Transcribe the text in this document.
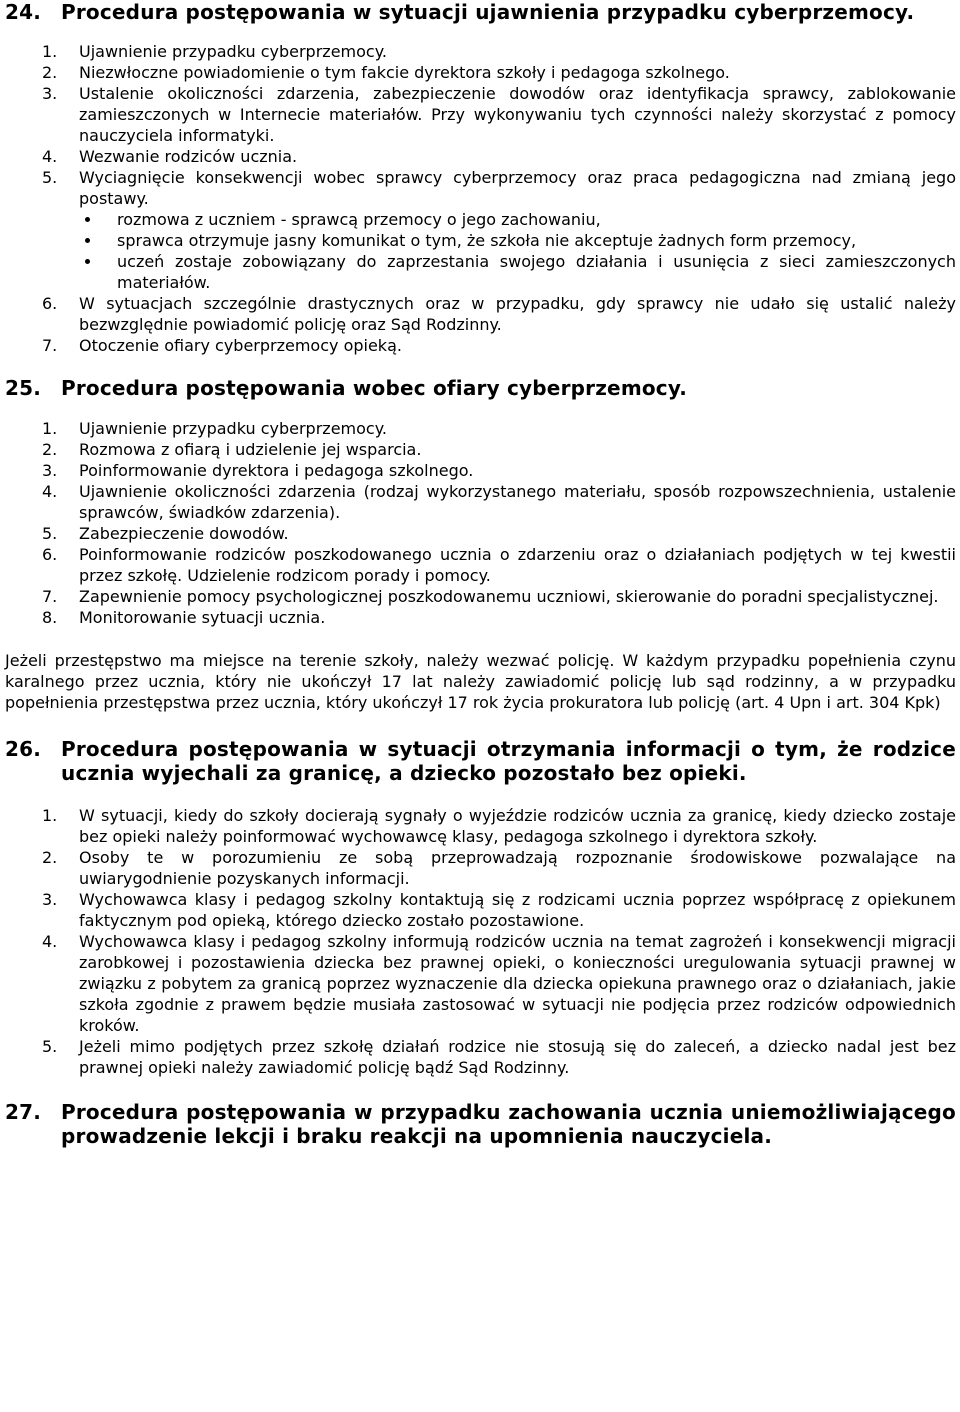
24. Procedura postępowania w sytuacji ujawnienia przypadku cyberprzemocy.
1.	Ujawnienie przypadku cyberprzemocy.
2.	Niezwłoczne powiadomienie o tym fakcie dyrektora szkoły i pedagoga szkolnego.
3.	Ustalenie okoliczności zdarzenia, zabezpieczenie dowodów oraz identyfikacja sprawcy, zablokowanie zamieszczonych w Internecie materiałów. Przy wykonywaniu tych czynności należy skorzystać z pomocy nauczyciela informatyki.
4.	Wezwanie rodziców ucznia.
5.	Wyciagnięcie konsekwencji wobec sprawcy cyberprzemocy oraz praca pedagogiczna nad zmianą jego postawy.
rozmowa z uczniem - sprawcą przemocy o jego zachowaniu,
sprawca otrzymuje jasny komunikat o tym, że szkoła nie akceptuje żadnych form przemocy,
uczeń zostaje zobowiązany do zaprzestania swojego działania i usunięcia z sieci zamieszczonych materiałów.
6.	W sytuacjach szczególnie drastycznych oraz w przypadku, gdy sprawcy nie udało się ustalić należy bezwzględnie powiadomić policję oraz Sąd Rodzinny.
7.	Otoczenie ofiary cyberprzemocy opieką.
25. Procedura postępowania wobec ofiary cyberprzemocy.
1.	Ujawnienie przypadku cyberprzemocy.
2.	Rozmowa z ofiarą i udzielenie jej wsparcia.
3.	Poinformowanie dyrektora i pedagoga szkolnego.
4.	Ujawnienie okoliczności zdarzenia (rodzaj wykorzystanego materiału, sposób rozpowszechnienia, ustalenie sprawców, świadków zdarzenia).
5.	Zabezpieczenie dowodów.
6.	Poinformowanie rodziców poszkodowanego ucznia o zdarzeniu oraz o działaniach podjętych w tej kwestii przez szkołę. Udzielenie rodzicom porady i pomocy.
7.	Zapewnienie pomocy psychologicznej poszkodowanemu uczniowi, skierowanie do poradni specjalistycznej.
8.	Monitorowanie sytuacji ucznia.

Jeżeli przestępstwo ma miejsce na terenie szkoły, należy wezwać policję. W każdym przypadku popełnienia czynu karalnego przez ucznia, który nie ukończył 17 lat należy zawiadomić policję lub sąd rodzinny, a w przypadku popełnienia przestępstwa przez ucznia, który ukończył 17 rok życia prokuratora lub policję (art. 4 Upn i art. 304 Kpk)

26. Procedura postępowania w sytuacji otrzymania informacji o tym, że rodzice ucznia wyjechali za granicę, a dziecko pozostało bez opieki.
1.	W sytuacji, kiedy do szkoły docierają sygnały o wyjeździe rodziców ucznia za granicę, kiedy dziecko zostaje bez opieki należy poinformować wychowawcę klasy, pedagoga szkolnego i dyrektora szkoły.
2.	Osoby te w porozumieniu ze sobą przeprowadzają rozpoznanie środowiskowe pozwalające na uwiarygodnienie pozyskanych informacji.
3.	Wychowawca klasy i pedagog szkolny kontaktują się z rodzicami ucznia poprzez współpracę z opiekunem faktycznym pod opieką, którego dziecko zostało pozostawione.
4.	Wychowawca klasy i pedagog szkolny informują rodziców ucznia na temat zagrożeń i konsekwencji migracji zarobkowej i pozostawienia dziecka bez prawnej opieki, o konieczności uregulowania sytuacji prawnej w związku z pobytem za granicą poprzez wyznaczenie dla dziecka opiekuna prawnego oraz o działaniach, jakie szkoła zgodnie z prawem będzie musiała zastosować w sytuacji nie podjęcia przez rodziców odpowiednich kroków.
5.	Jeżeli mimo podjętych przez szkołę działań rodzice nie stosują się do zaleceń, a dziecko nadal jest bez prawnej opieki należy zawiadomić policję bądź Sąd Rodzinny.
27. Procedura postępowania w przypadku zachowania ucznia uniemożliwiającego prowadzenie lekcji i braku reakcji na upomnienia nauczyciela.
